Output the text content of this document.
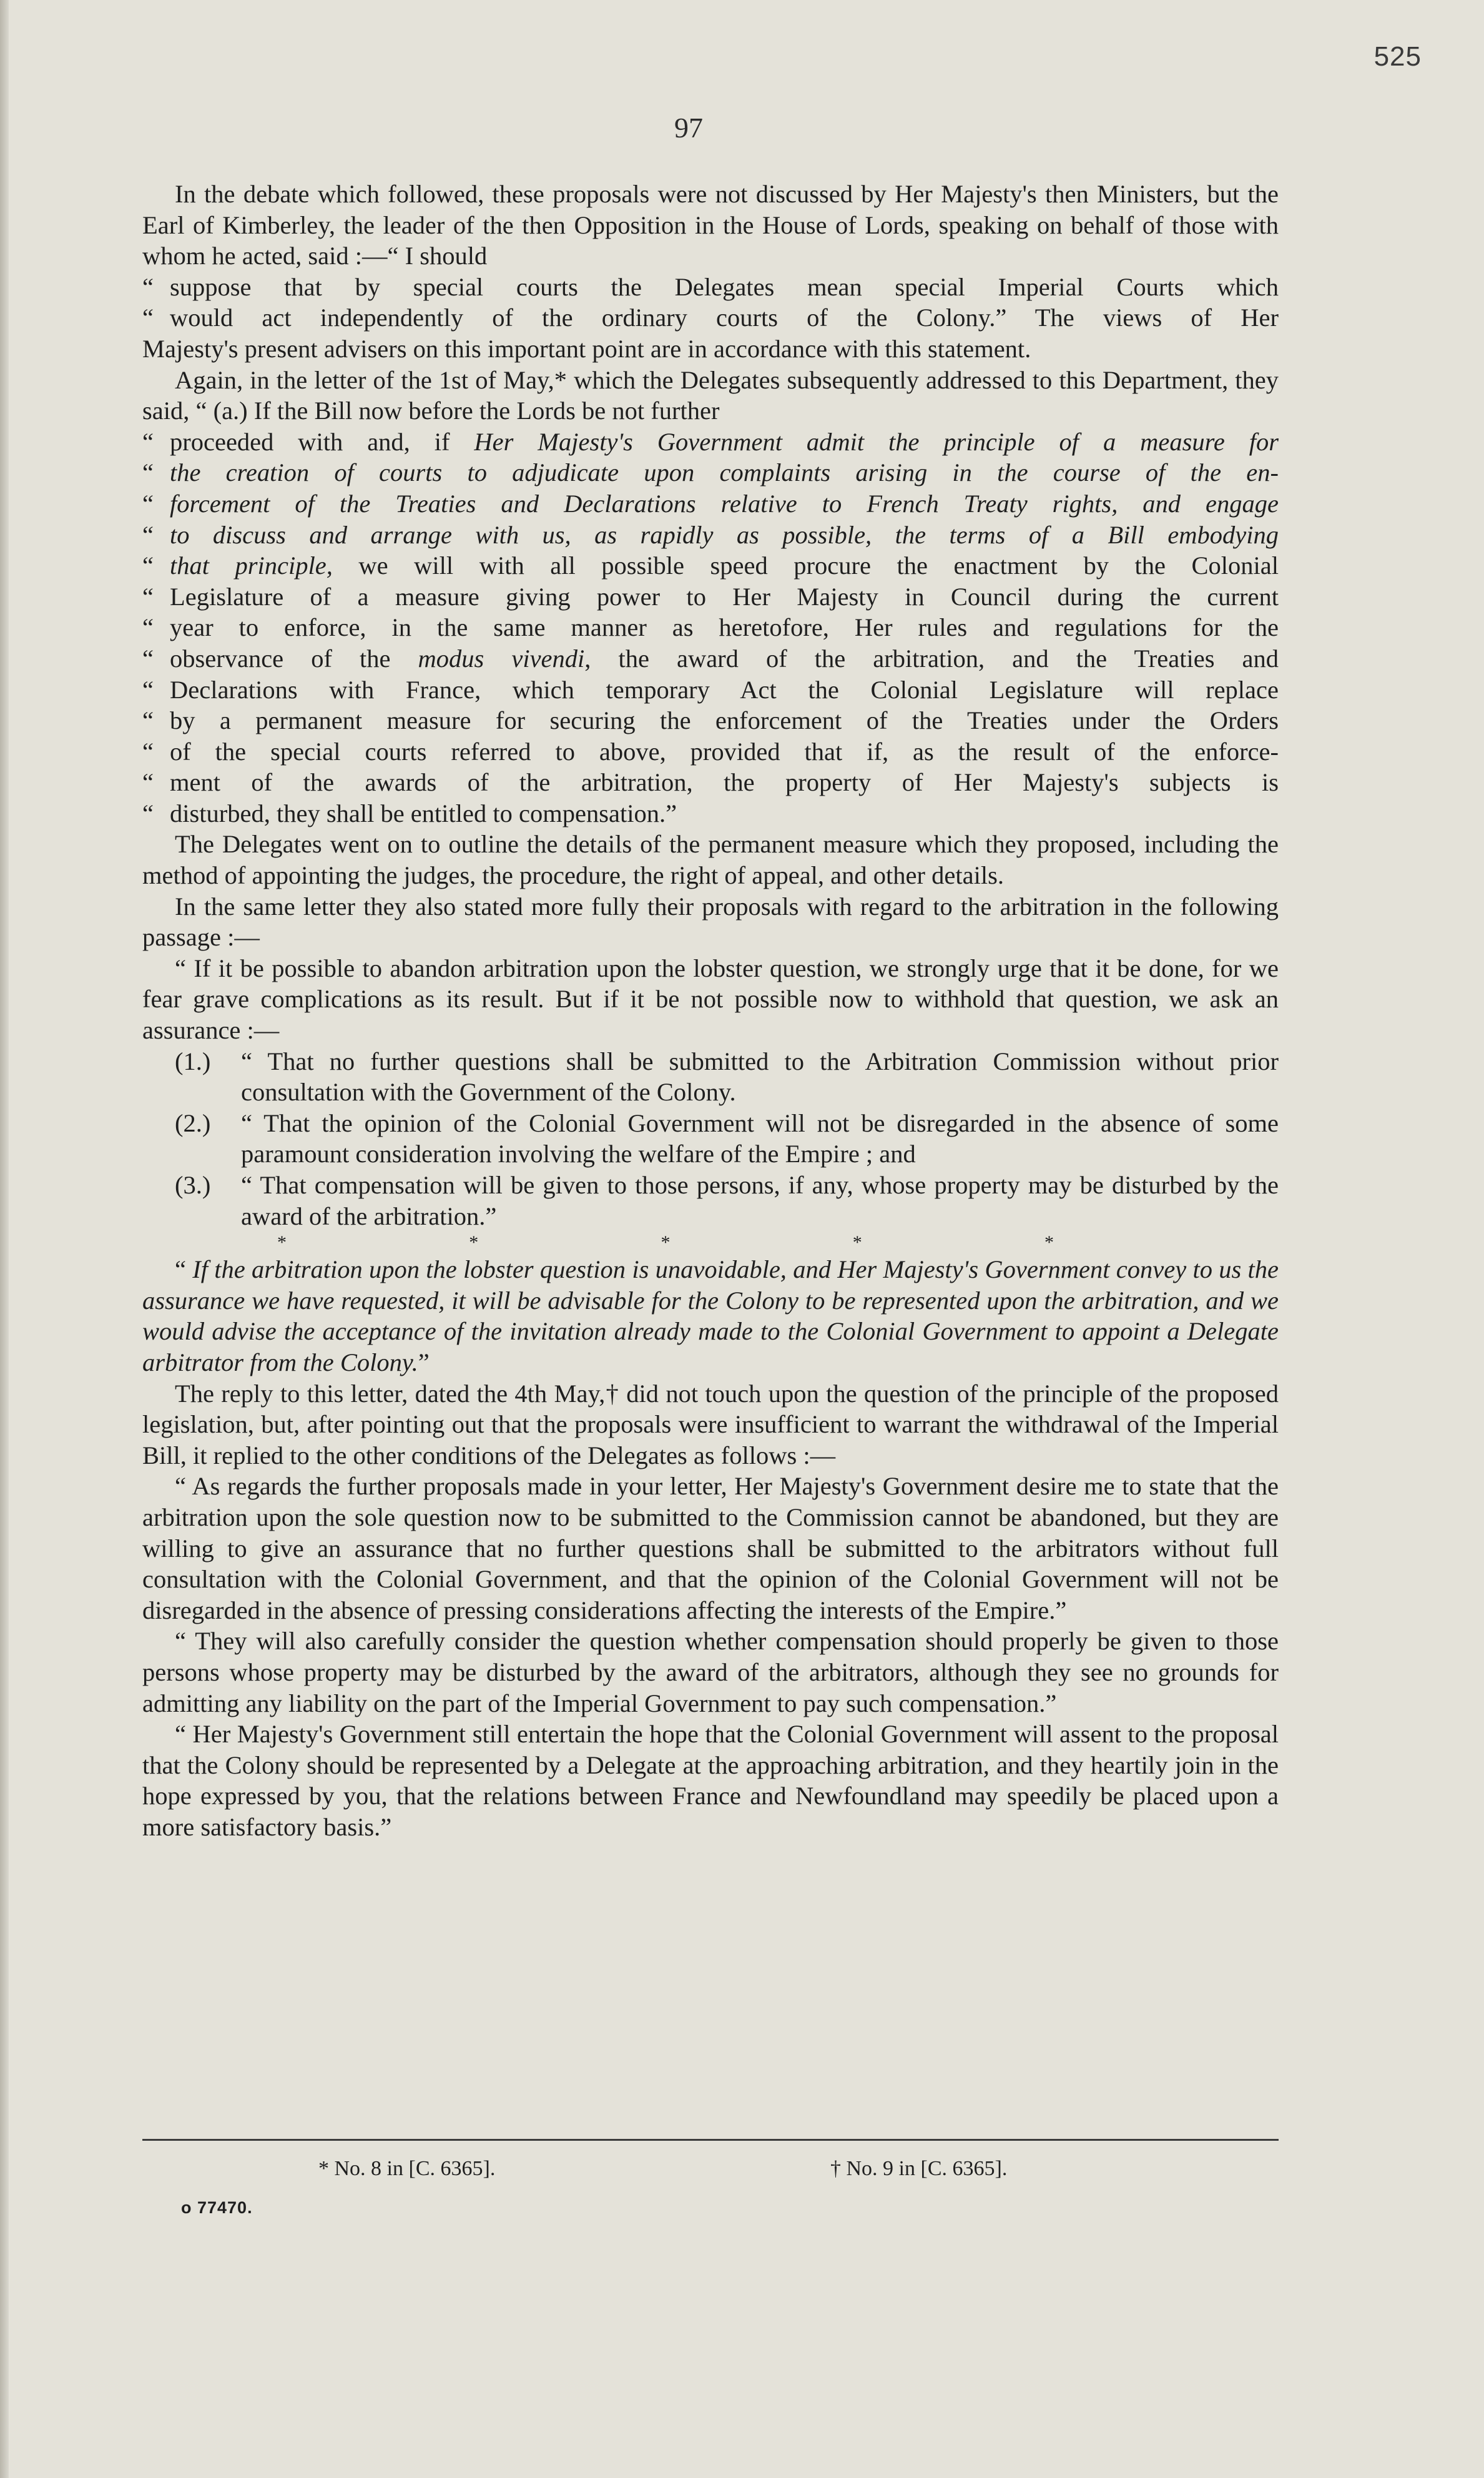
525
97

In the debate which followed, these proposals were not discussed by Her Majesty's then Ministers, but the Earl of Kimberley, the leader of the then Opposition in the House of Lords, speaking on behalf of those with whom he acted, said :—“ I should

“ suppose that by special courts the Delegates mean special Imperial Courts which
“ would act independently of the ordinary courts of the Colony.” The views of Her

Majesty's present advisers on this important point are in accordance with this statement.

Again, in the letter of the 1st of May,* which the Delegates subsequently addressed to this Department, they said, “ (a.) If the Bill now before the Lords be not further

“ proceeded with and, if Her Majesty's Government admit the principle of a measure for
“ the creation of courts to adjudicate upon complaints arising in the course of the en-
“ forcement of the Treaties and Declarations relative to French Treaty rights, and engage
“ to discuss and arrange with us, as rapidly as possible, the terms of a Bill embodying
“ that principle, we will with all possible speed procure the enactment by the Colonial
“ Legislature of a measure giving power to Her Majesty in Council during the current
“ year to enforce, in the same manner as heretofore, Her rules and regulations for the
“ observance of the modus vivendi, the award of the arbitration, and the Treaties and
“ Declarations with France, which temporary Act the Colonial Legislature will replace
“ by a permanent measure for securing the enforcement of the Treaties under the Orders
“ of the special courts referred to above, provided that if, as the result of the enforce-
“ ment of the awards of the arbitration, the property of Her Majesty's subjects is
“ disturbed, they shall be entitled to compensation.”

The Delegates went on to outline the details of the permanent measure which they proposed, including the method of appointing the judges, the procedure, the right of appeal, and other details.

In the same letter they also stated more fully their proposals with regard to the arbitration in the following passage :—

“ If it be possible to abandon arbitration upon the lobster question, we strongly urge that it be done, for we fear grave complications as its result. But if it be not possible now to withhold that question, we ask an assurance :—

(1.)	“ That no further questions shall be submitted to the Arbitration Commission without prior consultation with the Government of the Colony.
(2.)	“ That the opinion of the Colonial Government will not be disregarded in the absence of some paramount consideration involving the welfare of the Empire ; and
(3.)	“ That compensation will be given to those persons, if any, whose property may be disturbed by the award of the arbitration.”
*	*	*	*	*

“ If the arbitration upon the lobster question is unavoidable, and Her Majesty's Government convey to us the assurance we have requested, it will be advisable for the Colony to be represented upon the arbitration, and we would advise the acceptance of the invitation already made to the Colonial Government to appoint a Delegate arbitrator from the Colony.”

The reply to this letter, dated the 4th May,† did not touch upon the question of the principle of the proposed legislation, but, after pointing out that the proposals were insufficient to warrant the withdrawal of the Imperial Bill, it replied to the other conditions of the Delegates as follows :—

“ As regards the further proposals made in your letter, Her Majesty's Government desire me to state that the arbitration upon the sole question now to be submitted to the Commission cannot be abandoned, but they are willing to give an assurance that no further questions shall be submitted to the arbitrators without full consultation with the Colonial Government, and that the opinion of the Colonial Government will not be disregarded in the absence of pressing considerations affecting the interests of the Empire.”

“ They will also carefully consider the question whether compensation should properly be given to those persons whose property may be disturbed by the award of the arbitrators, although they see no grounds for admitting any liability on the part of the Imperial Government to pay such compensation.”

“ Her Majesty's Government still entertain the hope that the Colonial Government will assent to the proposal that the Colony should be represented by a Delegate at the approaching arbitration, and they heartily join in the hope expressed by you, that the relations between France and Newfoundland may speedily be placed upon a more satisfactory basis.”

* No. 8 in [C. 6365].	† No. 9 in [C. 6365].
o 77470.
